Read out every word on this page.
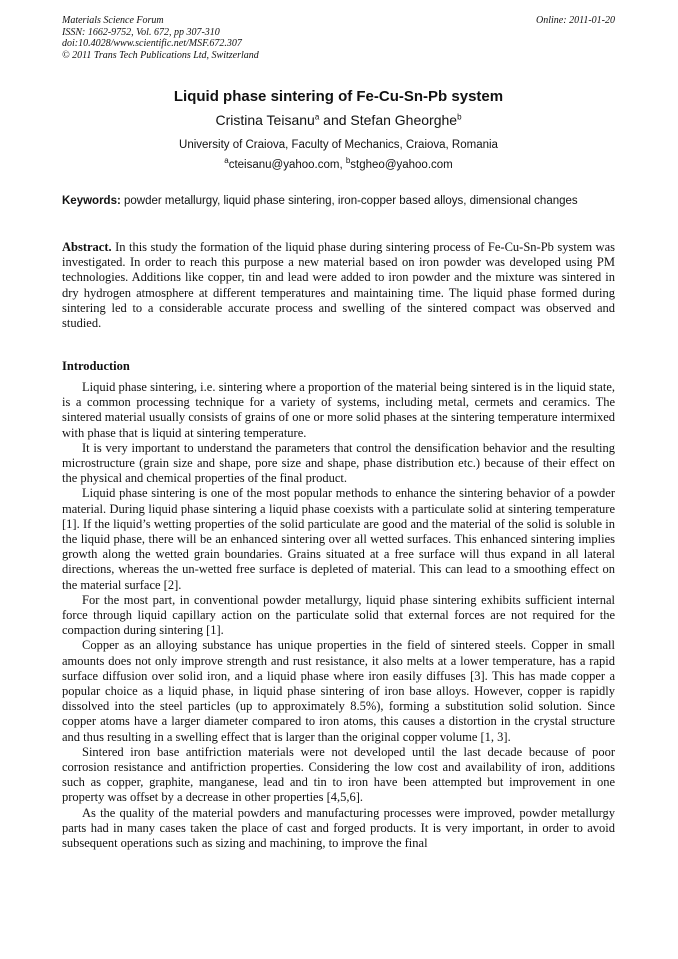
Materials Science Forum
ISSN: 1662-9752, Vol. 672, pp 307-310
doi:10.4028/www.scientific.net/MSF.672.307
© 2011 Trans Tech Publications Ltd, Switzerland
Online: 2011-01-20
Liquid phase sintering of Fe-Cu-Sn-Pb system
Cristina Teisanu$^a$ and Stefan Gheorghe$^b$
University of Craiova, Faculty of Mechanics, Craiova, Romania
$^a$cteisanu@yahoo.com, $^b$stgheo@yahoo.com
Keywords: powder metallurgy, liquid phase sintering, iron-copper based alloys, dimensional changes
Abstract. In this study the formation of the liquid phase during sintering process of Fe-Cu-Sn-Pb system was investigated. In order to reach this purpose a new material based on iron powder was developed using PM technologies. Additions like copper, tin and lead were added to iron powder and the mixture was sintered in dry hydrogen atmosphere at different temperatures and maintaining time. The liquid phase formed during sintering led to a considerable accurate process and swelling of the sintered compact was observed and studied.
Introduction

Liquid phase sintering, i.e. sintering where a proportion of the material being sintered is in the liquid state, is a common processing technique for a variety of systems, including metal, cermets and ceramics. The sintered material usually consists of grains of one or more solid phases at the sintering temperature intermixed with phase that is liquid at sintering temperature.

It is very important to understand the parameters that control the densification behavior and the resulting microstructure (grain size and shape, pore size and shape, phase distribution etc.) because of their effect on the physical and chemical properties of the final product.

Liquid phase sintering is one of the most popular methods to enhance the sintering behavior of a powder material. During liquid phase sintering a liquid phase coexists with a particulate solid at sintering temperature [1]. If the liquid’s wetting properties of the solid particulate are good and the material of the solid is soluble in the liquid phase, there will be an enhanced sintering over all wetted surfaces. This enhanced sintering implies growth along the wetted grain boundaries. Grains situated at a free surface will thus expand in all lateral directions, whereas the un-wetted free surface is depleted of material. This can lead to a smoothing effect on the material surface [2].

For the most part, in conventional powder metallurgy, liquid phase sintering exhibits sufficient internal force through liquid capillary action on the particulate solid that external forces are not required for the compaction during sintering [1].

Copper as an alloying substance has unique properties in the field of sintered steels. Copper in small amounts does not only improve strength and rust resistance, it also melts at a lower temperature, has a rapid surface diffusion over solid iron, and a liquid phase where iron easily diffuses [3]. This has made copper a popular choice as a liquid phase, in liquid phase sintering of iron base alloys. However, copper is rapidly dissolved into the steel particles (up to approximately 8.5%), forming a substitution solid solution. Since copper atoms have a larger diameter compared to iron atoms, this causes a distortion in the crystal structure and thus resulting in a swelling effect that is larger than the original copper volume [1, 3].

Sintered iron base antifriction materials were not developed until the last decade because of poor corrosion resistance and antifriction properties. Considering the low cost and availability of iron, additions such as copper, graphite, manganese, lead and tin to iron have been attempted but improvement in one property was offset by a decrease in other properties [4,5,6].

As the quality of the material powders and manufacturing processes were improved, powder metallurgy parts had in many cases taken the place of cast and forged products. It is very important, in order to avoid subsequent operations such as sizing and machining, to improve the final
